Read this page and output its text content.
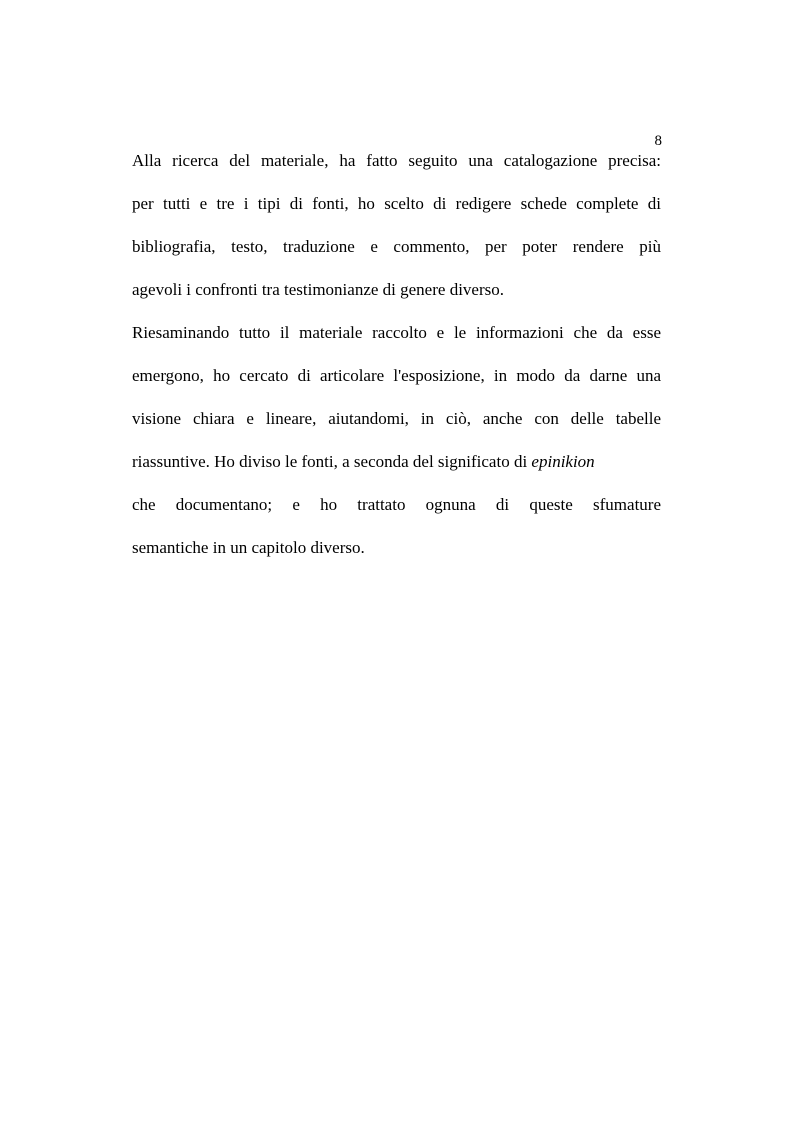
8
Alla ricerca del materiale, ha fatto seguito una catalogazione precisa:
per tutti e tre i tipi di fonti, ho scelto di redigere schede complete di
bibliografia, testo, traduzione e commento, per poter rendere più
agevoli i confronti tra testimonianze di genere diverso.
Riesaminando tutto il materiale raccolto e le informazioni che da esse
emergono, ho cercato di articolare l'esposizione, in modo da darne una
visione chiara e lineare, aiutandomi, in ciò, anche con delle tabelle
riassuntive. Ho diviso le fonti, a seconda del significato di epinikion
che documentano; e ho trattato ognuna di queste sfumature
semantiche in un capitolo diverso.
